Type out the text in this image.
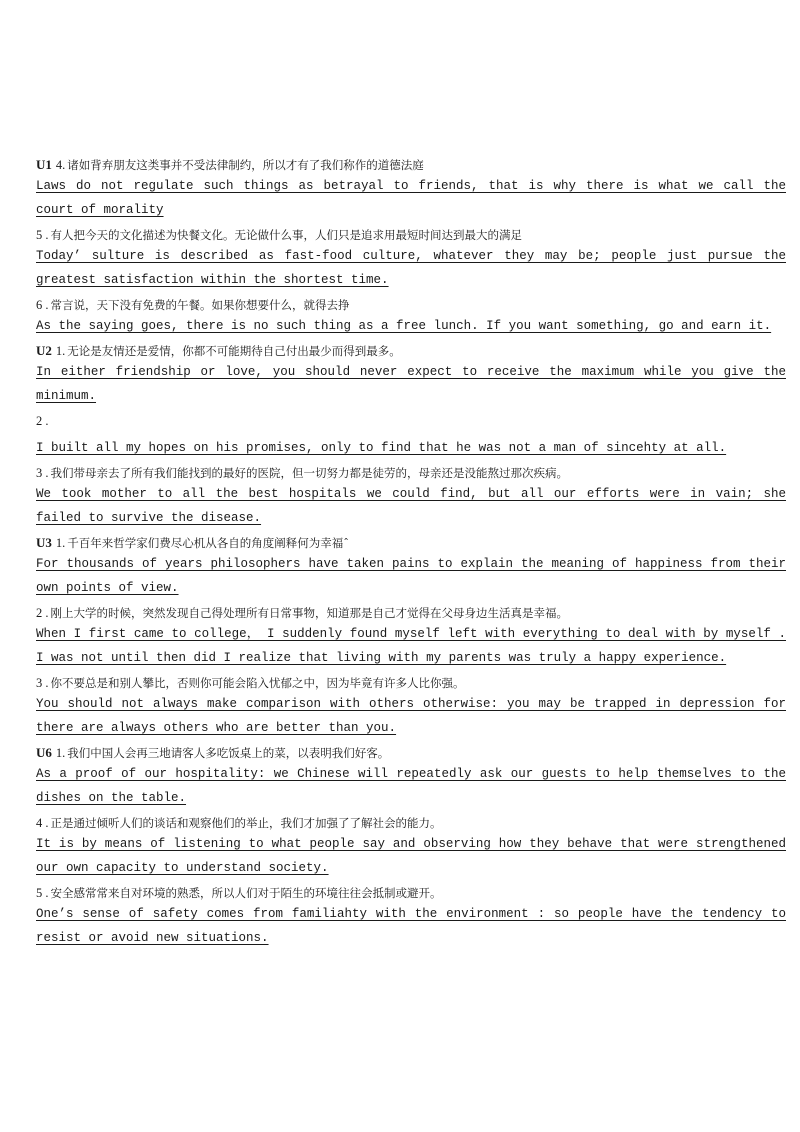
U1 4. 诸如背弃朋友这类事并不受法律制约，所以才有了我们称作的道德法庭
Laws do not regulate such things as betrayal to friends, that is why there is what we call the court of morality
5 . 有人把今天的文化描述为快餐文化。无论做什么事，人们只是追求用最短时间达到最大的满足
Today’ sulture is described as fast-food culture, whatever they may be; people just pursue the greatest satisfaction within the shortest time.
6 . 常言说，天下没有免费的午餐。如果你想要什么，就得去挣
As the saying goes, there is no such thing as a free lunch. If you want something, go and earn it.
U2 1. 无论是友情还是爱情，你都不可能期待自己付出最少而得到最多。
In either friendship or love, you should never expect to receive the maximum while you give the minimum.
2 .
I built all my hopes on his promises, only to find that he was not a man of sincehty at all.
3 . 我们带母亲去了所有我们能找到的最好的医院，但一切努力都是徒劳的，母亲还是没能熬过那次疾病。
We took mother to all the best hospitals we could find, but all our efforts were in vain; she failed to survive the disease.
U3 1. 千百年来哲学家们费尽心机从各自的角度阐释何为幸福ˆ
For thousands of years philosophers have taken pains to explain the meaning of happiness from their own points of view.
2 . 刚上大学的时候，突然发现自己得处理所有日常事物，知道那是自己才觉得在父母身边生活真是幸福。
When I first came to college， I suddenly found myself left with everything to deal with by myself . I was not until then did I realize that living with my parents was truly a happy experience.
3 . 你不要总是和别人攀比，否则你可能会陷入忧郁之中，因为毕竟有许多人比你强。
You should not always make comparison with others otherwise: you may be trapped in depression for there are always others who are better than you.
U6 1. 我们中国人会再三地请客人多吃饭桌上的菜，以表明我们好客。
As a proof of our hospitality: we Chinese will repeatedly ask our guests to help themselves to the dishes on the table.
4 . 正是通过倾听人们的谈话和观察他们的举止，我们才加强了了解社会的能力。
It is by means of listening to what people say and observing how they behave that were strengthened our own capacity to understand society.
5 . 安全感常常来自对环境的熟悉，所以人们对于陌生的环境往往会抵制或避开。
One’s sense of safety comes from familiahty with the environment : so people have the tendency to resist or avoid new situations.
